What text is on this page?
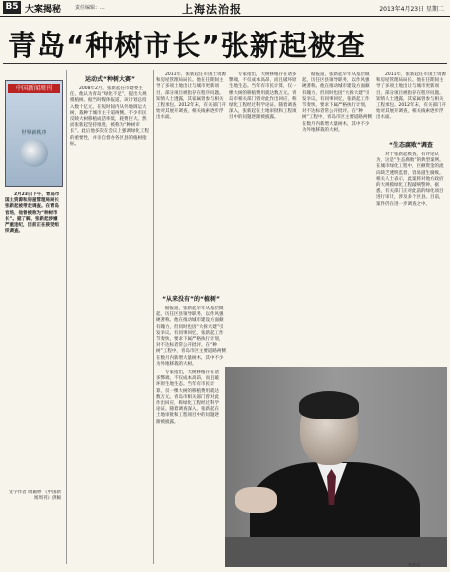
B5 大案揭秘	责任编辑：...	上海法治报	2013年4月23日 星期二
青岛“种树市长”张新起被查
中国新闻周刊
世界新秩序

2月23日下午，青岛市国土资源和房屋管理局局长张新起被带走调查。在青岛官场，他曾被称为“种树市长”。据了解，张新起涉嫌严重违纪，目前正在接受组织调查。

文字作者 周颖婷 《中国新闻周刊》供稿

运动式“种树大赛”

2008年2月，张新起任市建委主任，他认为青岛“绿化不足”，提出大规模植树。据当时媒体报道，该计划总投入数十亿元，在短时间内从外地调运大树，栽种于城市主干道两侧。不少市民反映大树移植成活率低，耗费巨大。然而张新起坚持推进，被称为“种树市长”。此后他多次在会议上强调绿化工程的重要性，并亲自督办各区县的植树指标。

2011年，张新起任市国土资源和房屋管理局局长。他在任期间主导了多项土地出让与城市更新项目，部分项目被指存在程序问题。知情人士透露，其家属曾参与相关工程承包。2012年末，有关部门开始对其展开调查，相关线索逐步浮出水面。

“从来没有”的“植树”

据报道，张新起早年从基层做起，历任区县领导职务，以作风强硬著称。他在推动城市建设方面颇有魄力，但同时也因“大拆大建”引发争议。有同事回忆，张新起工作节奏快，要求下属严格执行计划，对不达标者常公开批评。在“种树”工程中，青岛市区主要道路两侧在数月内新增大量树木，其中不少为外地移栽的大树。

专家指出，大树移植存在诸多弊端，不仅成本高昂，而且破坏原生地生态。当年有市民计算，仅一棵大树的移植费用就达数万元。青岛市相关部门曾对此作出回应，称绿化工程经过科学论证。随着调查深入，张新起在土地审批和工程项目中的问题逐渐被披露。

据报道，张新起早年从基层做起，历任区县领导职务，以作风强硬著称。他在推动城市建设方面颇有魄力，但同时也因“大拆大建”引发争议。有同事回忆，张新起工作节奏快，要求下属严格执行计划，对不达标者常公开批评。在“种树”工程中，青岛市区主要道路两侧在数月内新增大量树木，其中不少为外地移栽的大树。

“生态腐败”调查

2011年，张新起任市国土资源和房屋管理局局长。他在任期间主导了多项土地出让与城市更新项目，部分项目被指存在程序问题。知情人士透露，其家属曾参与相关工程承包。2012年末，有关部门开始对其展开调查，相关线索逐步浮出水面。

对于张新起被查，有评论认为，这是“生态腐败”的典型案例。在城市绿化工程中，巨额资金的流向缺乏透明监督，容易滋生腐败。相关人士表示，此案将对地方政府的大规模绿化工程敲响警钟。据悉，有关部门正对此前的绿化项目进行审计，涉及多个区县。目前，案件仍在进一步调查之中。

专家指出，大树移植存在诸多弊端，不仅成本高昂，而且破坏原生地生态。当年有市民计算，仅一棵大树的移植费用就达数万元。青岛市相关部门曾对此作出回应，称绿化工程经过科学论证。随着调查深入，张新起在土地审批和工程项目中的问题逐渐被披露。

张新起
